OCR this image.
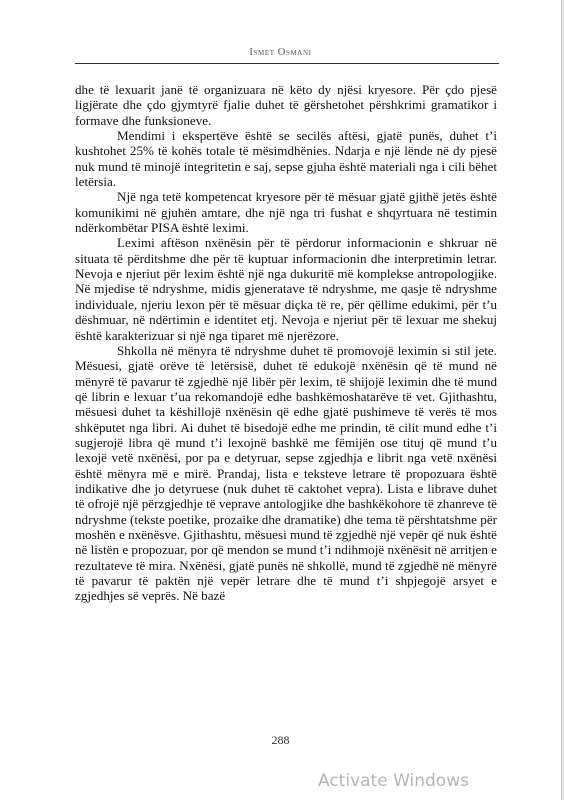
Ismet Osmani

dhe të lexuarit janë të organizuara në këto dy njësi kryesore. Për çdo pjesë ligjërate dhe çdo gjymtyrë fjalie duhet të gërshetohet përshkrimi gramatikor i formave dhe funksioneve.

Mendimi i ekspertëve është se secilës aftësi, gjatë punës, duhet t’i kushtohet 25% të kohës totale të mësimdhënies. Ndarja e një lënde në dy pjesë nuk mund të minojë integritetin e saj, sepse gjuha është materiali nga i cili bëhet letërsia.

Një nga tetë kompetencat kryesore për të mësuar gjatë gjithë jetës është komunikimi në gjuhën amtare, dhe një nga tri fushat e shqyrtuara në testimin ndërkombëtar PISA është leximi.

Leximi aftëson nxënësin për të përdorur informacionin e shkruar në situata të përditshme dhe për të kuptuar informacionin dhe interpretimin letrar. Nevoja e njeriut për lexim është një nga dukuritë më komplekse antropologjike. Në mjedise të ndryshme, midis gjeneratave të ndryshme, me qasje të ndryshme individuale, njeriu lexon për të mësuar diçka të re, për qëllime edukimi, për t’u dëshmuar, në ndërtimin e identitet etj. Nevoja e njeriut për të lexuar me shekuj është karakterizuar si një nga tiparet më njerëzore.

Shkolla në mënyra të ndryshme duhet të promovojë leximin si stil jete. Mësuesi, gjatë orëve të letërsisë, duhet të edukojë nxënësin që të mund në mënyrë të pavarur të zgjedhë një libër për lexim, të shijojë leximin dhe të mund që librin e lexuar t’ua rekomandojë edhe bashkëmoshatarëve të vet. Gjithashtu, mësuesi duhet ta këshillojë nxënësin që edhe gjatë pushimeve të verës të mos shkëputet nga libri. Ai duhet të bisedojë edhe me prindin, të cilit mund edhe t’i sugjerojë libra që mund t’i lexojnë bashkë me fëmijën ose tituj që mund t’u lexojë vetë nxënësi, por pa e detyruar, sepse zgjedhja e librit nga vetë nxënësi është mënyra më e mirë. Prandaj, lista e teksteve letrare të propozuara është indikative dhe jo detyruese (nuk duhet të caktohet vepra). Lista e librave duhet të ofrojë një përzgjedhje të veprave antologjike dhe bashkëkohore të zhanreve të ndryshme (tekste poetike, prozaike dhe dramatike) dhe tema të përshtatshme për moshën e nxënësve. Gjithashtu, mësuesi mund të zgjedhë një vepër që nuk është në listën e propozuar, por që mendon se mund t’i ndihmojë nxënësit në arritjen e rezultateve të mira. Nxënësi, gjatë punës në shkollë, mund të zgjedhë në mënyrë të pavarur të paktën një vepër letrare dhe të mund t’i shpjegojë arsyet e zgjedhjes së veprës. Në bazë

288
Activate Windows
